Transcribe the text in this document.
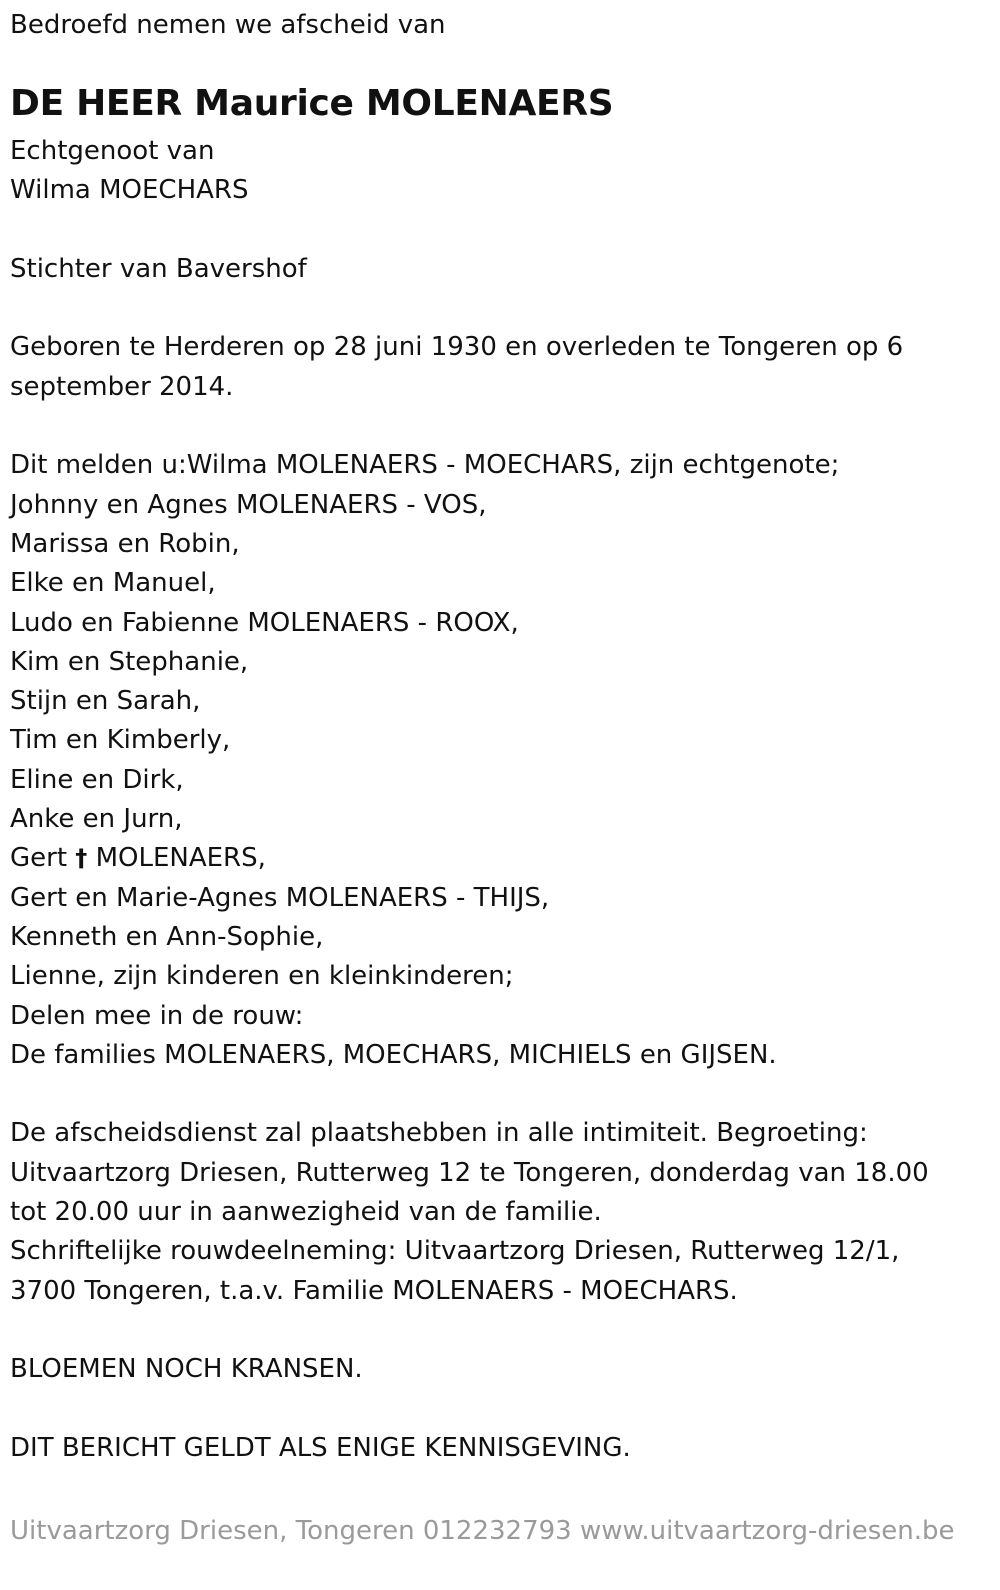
Bedroefd nemen we afscheid van

DE HEER Maurice MOLENAERS

Echtgenoot van

Wilma MOECHARS

Stichter van Bavershof

Geboren te Herderen op 28 juni 1930 en overleden te Tongeren op 6 september 2014.

Dit melden u:Wilma MOLENAERS - MOECHARS, zijn echtgenote;

Johnny en Agnes MOLENAERS - VOS,

Marissa en Robin,

Elke en Manuel,

Ludo en Fabienne MOLENAERS - ROOX,

Kim en Stephanie,

Stijn en Sarah,

Tim en Kimberly,

Eline en Dirk,

Anke en Jurn,

Gert † MOLENAERS,

Gert en Marie-Agnes MOLENAERS - THIJS,

Kenneth en Ann-Sophie,

Lienne, zijn kinderen en kleinkinderen;

Delen mee in de rouw:

De families MOLENAERS, MOECHARS, MICHIELS en GIJSEN.

De afscheidsdienst zal plaatshebben in alle intimiteit. Begroeting: Uitvaartzorg Driesen, Rutterweg 12 te Tongeren, donderdag van 18.00 tot 20.00 uur in aanwezigheid van de familie.

Schriftelijke rouwdeelneming: Uitvaartzorg Driesen, Rutterweg 12/1, 3700 Tongeren, t.a.v. Familie MOLENAERS - MOECHARS.

BLOEMEN NOCH KRANSEN.

DIT BERICHT GELDT ALS ENIGE KENNISGEVING.

Uitvaartzorg Driesen, Tongeren 012232793 www.uitvaartzorg-driesen.be
